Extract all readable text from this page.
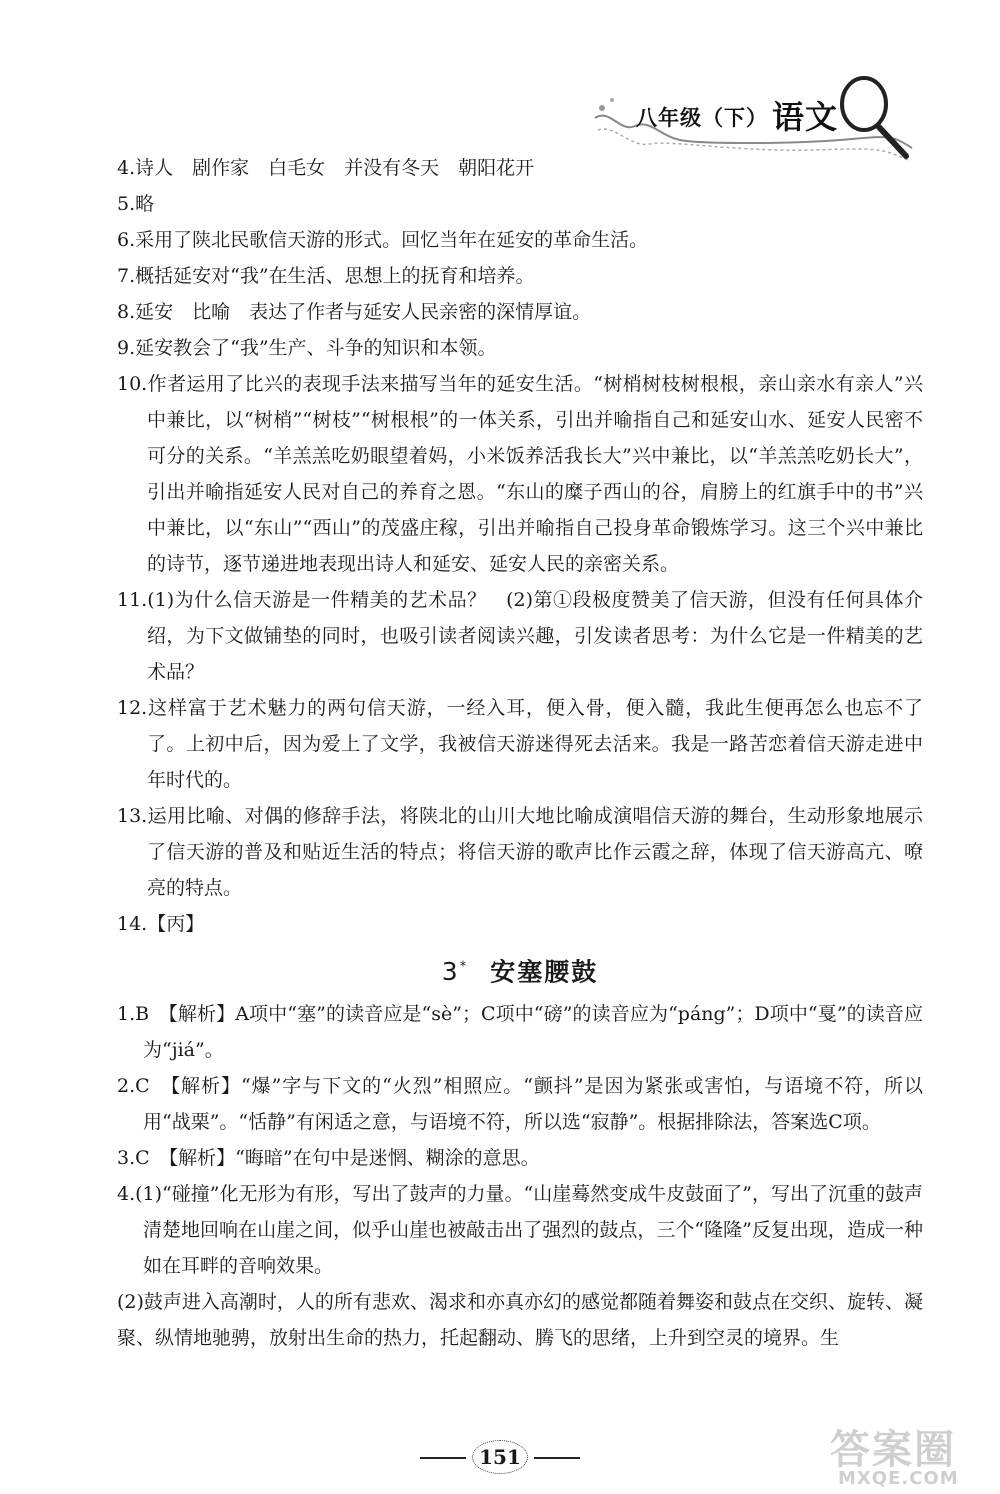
八年级（下） 语文

4.诗人　剧作家　白毛女　并没有冬天　朝阳花开

5.略

6.采用了陕北民歌信天游的形式。回忆当年在延安的革命生活。

7.概括延安对“我”在生活、思想上的抚育和培养。

8.延安　比喻　表达了作者与延安人民亲密的深情厚谊。

9.延安教会了“我”生产、斗争的知识和本领。

10.作者运用了比兴的表现手法来描写当年的延安生活。“树梢树枝树根根，亲山亲水有亲人”兴中兼比，以“树梢”“树枝”“树根根”的一体关系，引出并喻指自己和延安山水、延安人民密不可分的关系。“羊羔羔吃奶眼望着妈，小米饭养活我长大”兴中兼比，以“羊羔羔吃奶长大”，引出并喻指延安人民对自己的养育之恩。“东山的糜子西山的谷，肩膀上的红旗手中的书”兴中兼比，以“东山”“西山”的茂盛庄稼，引出并喻指自己投身革命锻炼学习。这三个兴中兼比的诗节，逐节递进地表现出诗人和延安、延安人民的亲密关系。

11.(1)为什么信天游是一件精美的艺术品？　(2)第①段极度赞美了信天游，但没有任何具体介绍，为下文做铺垫的同时，也吸引读者阅读兴趣，引发读者思考：为什么它是一件精美的艺术品？

12.这样富于艺术魅力的两句信天游，一经入耳，便入骨，便入髓，我此生便再怎么也忘不了了。上初中后，因为爱上了文学，我被信天游迷得死去活来。我是一路苦恋着信天游走进中年时代的。

13.运用比喻、对偶的修辞手法，将陕北的山川大地比喻成演唱信天游的舞台，生动形象地展示了信天游的普及和贴近生活的特点；将信天游的歌声比作云霞之辞，体现了信天游高亢、嘹亮的特点。

14.【丙】

3* 安塞腰鼓

1.B　【解析】A项中“塞”的读音应是“sè”；C项中“磅”的读音应为“páng”；D项中“戛”的读音应为“jiá”。

2.C　【解析】“爆”字与下文的“火烈”相照应。“颤抖”是因为紧张或害怕，与语境不符，所以用“战栗”。“恬静”有闲适之意，与语境不符，所以选“寂静”。根据排除法，答案选C项。

3.C　【解析】“晦暗”在句中是迷惘、糊涂的意思。

4.(1)“碰撞”化无形为有形，写出了鼓声的力量。“山崖蓦然变成牛皮鼓面了”，写出了沉重的鼓声清楚地回响在山崖之间，似乎山崖也被敲击出了强烈的鼓点，三个“隆隆”反复出现，造成一种如在耳畔的音响效果。

(2)鼓声进入高潮时，人的所有悲欢、渴求和亦真亦幻的感觉都随着舞姿和鼓点在交织、旋转、凝聚、纵情地驰骋，放射出生命的热力，托起翻动、腾飞的思绪，上升到空灵的境界。生

151	答案圈
MXQE.COM
